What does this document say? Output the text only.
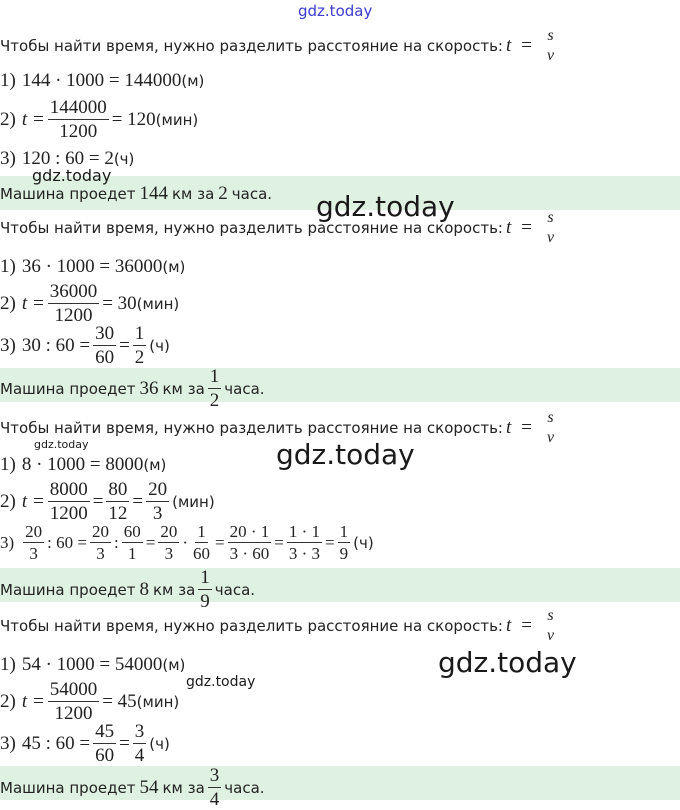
gdz.today
gdz.today
gdz.today
gdz.today	gdz.today
gdz.today
gdz.today
Чтобы найти время, нужно разделить расстояние на скорость: t = s
v
1) 144 · 1000 = 144000 (м)
2) $t = \frac{144000}{1200} = 120$ (мин)
3) 120 : 60 = 2 (ч)
Машина проедет 144 км за 2 часа.
Чтобы найти время, нужно разделить расстояние на скорость: t = s
v
1) 36 · 1000 = 36000 (м)
2) $t = \frac{36000}{1200} = 30$ (мин)
3) 30 : $60 = \frac{30}{60} = \frac{1}{2} (ч)$
Машина проедет 36 км за $\frac{1}{2}$ часа.
Чтобы найти время, нужно разделить расстояние на скорость: t = s
v
1) 8 · 1000 = 8000 (м)
2) $t = \frac{8000}{1200} = \frac{80}{12} = \frac{20}{3} (мин)$
$3) \frac{20}{3}$ : $60 = \frac{20}{3}$ : $\frac{60}{1} = \frac{20}{3} \cdot \frac{1}{60} = \frac{20 \cdot 1}{3 \cdot 60} = \frac{1 \cdot 1}{3 \cdot 3} = \frac{1}{9} (ч)$
Машина проедет 8 км за $\frac{1}{9}$ часа.
Чтобы найти время, нужно разделить расстояние на скорость: t = s
v
1) 54 · 1000 = 54000 (м)
2) $t = \frac{54000}{1200} = 45$ (мин)
3) 45 : $60 = \frac{45}{60} = \frac{3}{4} (ч)$
Машина проедет 54 км за $\frac{3}{4}$ часа.
